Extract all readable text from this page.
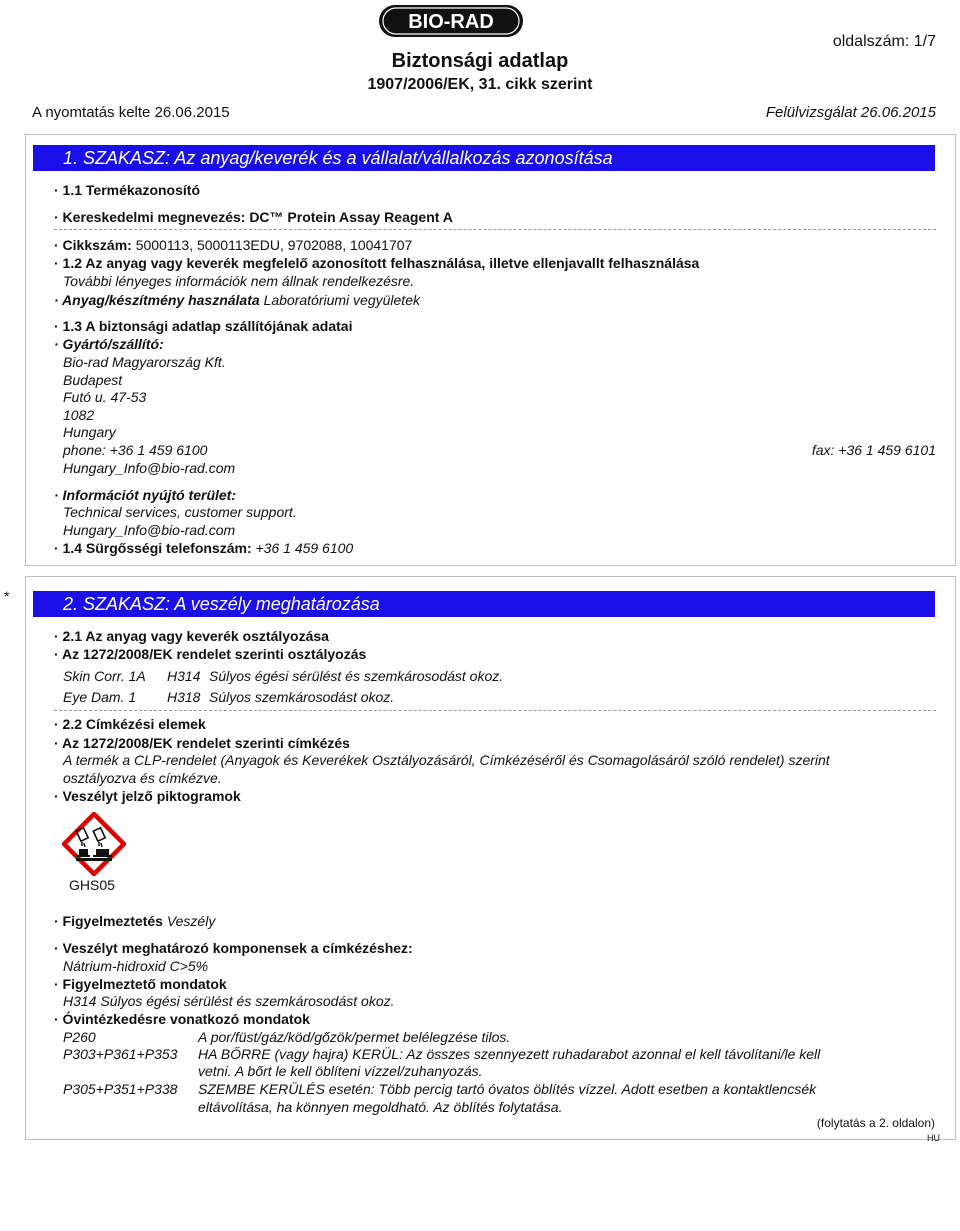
BIO-RAD
Biztonsági adatlap
1907/2006/EK, 31. cikk szerint
oldalszám: 1/7
A nyomtatás kelte 26.06.2015	Felülvizsgálat 26.06.2015
1. SZAKASZ: Az anyag/keverék és a vállalat/vállalkozás azonosítása
· 1.1 Termékazonosító
· Kereskedelmi megnevezés: DC™ Protein Assay Reagent A
· Cikkszám: 5000113, 5000113EDU, 9702088, 10041707
· 1.2 Az anyag vagy keverék megfelelő azonosított felhasználása, illetve ellenjavallt felhasználása
További lényeges információk nem állnak rendelkezésre.
· Anyag/készítmény használata Laboratóriumi vegyületek
· 1.3 A biztonsági adatlap szállítójának adatai
· Gyártó/szállító:
Bio-rad Magyarország Kft.
Budapest
Futó u. 47-53
1082
Hungary
phone: +36 1 459 6100	fax: +36 1 459 6101
Hungary_Info@bio-rad.com
· Információt nyújtó terület:
Technical services, customer support.
Hungary_Info@bio-rad.com
· 1.4 Sürgősségi telefonszám: +36 1 459 6100
*	2. SZAKASZ: A veszély meghatározása
· 2.1 Az anyag vagy keverék osztályozása
· Az 1272/2008/EK rendelet szerinti osztályozás
Skin Corr. 1A H314 Súlyos égési sérülést és szemkárosodást okoz.
Eye Dam. 1 H318 Súlyos szemkárosodást okoz.
· 2.2 Címkézési elemek
· Az 1272/2008/EK rendelet szerinti címkézés
A termék a CLP-rendelet (Anyagok és Keverékek Osztályozásáról, Címkézéséről és Csomagolásáról szóló rendelet) szerint
osztályozva és címkézve.
· Veszélyt jelző piktogramok
GHS05
· Figyelmeztetés Veszély
· Veszélyt meghatározó komponensek a címkézéshez:
Nátrium-hidroxid C>5%
· Figyelmeztető mondatok
H314 Súlyos égési sérülést és szemkárosodást okoz.
· Óvintézkedésre vonatkozó mondatok
P260	A por/füst/gáz/köd/gőzök/permet belélegzése tilos.
P303+P361+P353 HA BŐRRE (vagy hajra) KERÜL: Az összes szennyezett ruhadarabot azonnal el kell távolítani/le kell
vetni. A bőrt le kell öblíteni vízzel/zuhanyozás.
P305+P351+P338 SZEMBE KERÜLÉS esetén: Több percig tartó óvatos öblítés vízzel. Adott esetben a kontaktlencsék
eltávolítása, ha könnyen megoldható. Az öblítés folytatása.
(folytatás a 2. oldalon)
HU
